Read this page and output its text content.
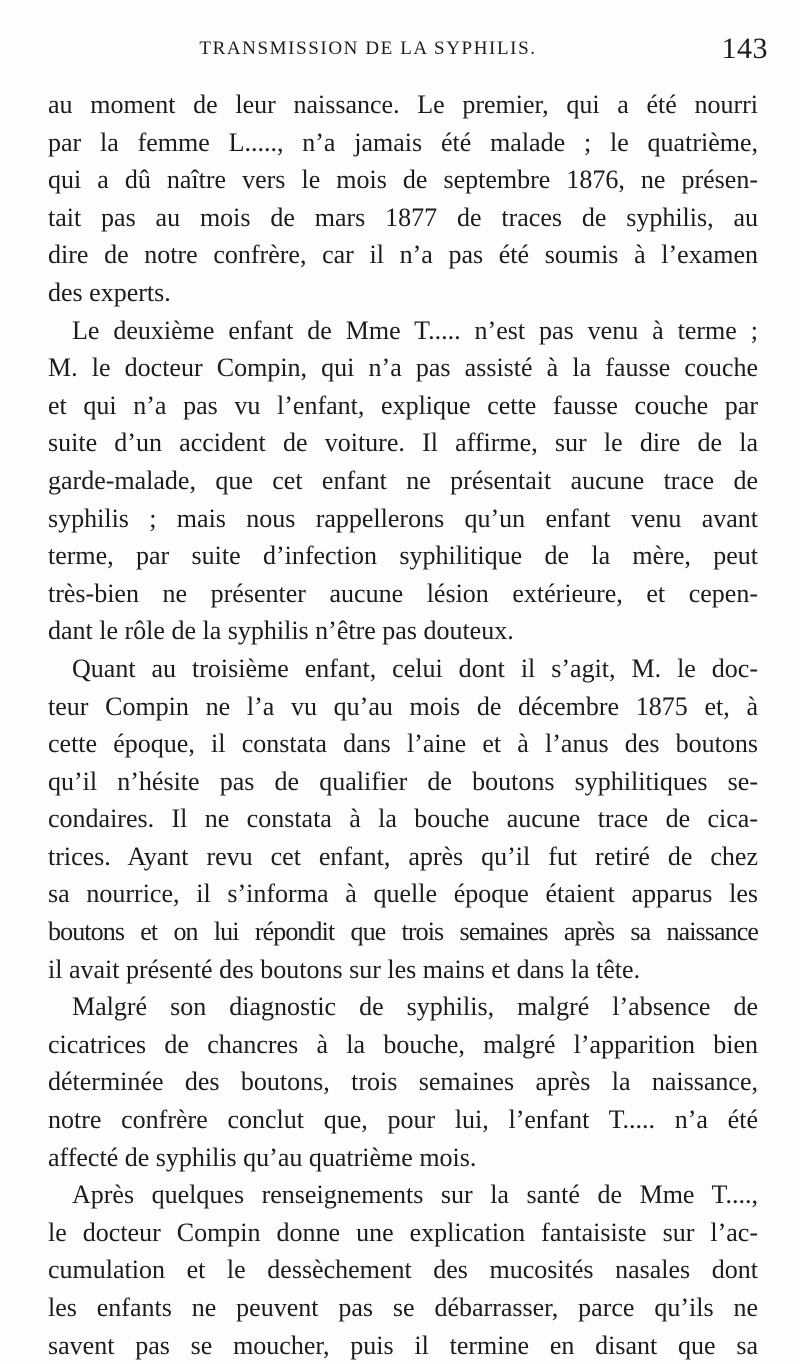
TRANSMISSION DE LA SYPHILIS.	143
au moment de leur naissance. Le premier, qui a été nourri
par la femme L....., n’a jamais été malade ; le quatrième,
qui a dû naître vers le mois de septembre 1876, ne présen-
tait pas au mois de mars 1877 de traces de syphilis, au
dire de notre confrère, car il n’a pas été soumis à l’examen
des experts.
Le deuxième enfant de Mme T..... n’est pas venu à terme ;
M. le docteur Compin, qui n’a pas assisté à la fausse couche
et qui n’a pas vu l’enfant, explique cette fausse couche par
suite d’un accident de voiture. Il affirme, sur le dire de la
garde-malade, que cet enfant ne présentait aucune trace de
syphilis ; mais nous rappellerons qu’un enfant venu avant
terme, par suite d’infection syphilitique de la mère, peut
très-bien ne présenter aucune lésion extérieure, et cepen-
dant le rôle de la syphilis n’être pas douteux.
Quant au troisième enfant, celui dont il s’agit, M. le doc-
teur Compin ne l’a vu qu’au mois de décembre 1875 et, à
cette époque, il constata dans l’aine et à l’anus des boutons
qu’il n’hésite pas de qualifier de boutons syphilitiques se-
condaires. Il ne constata à la bouche aucune trace de cica-
trices. Ayant revu cet enfant, après qu’il fut retiré de chez
sa nourrice, il s’informa à quelle époque étaient apparus les
boutons et on lui répondit que trois semaines après sa naissance
il avait présenté des boutons sur les mains et dans la tête.
Malgré son diagnostic de syphilis, malgré l’absence de
cicatrices de chancres à la bouche, malgré l’apparition bien
déterminée des boutons, trois semaines après la naissance,
notre confrère conclut que, pour lui, l’enfant T..... n’a été
affecté de syphilis qu’au quatrième mois.
Après quelques renseignements sur la santé de Mme T....,
le docteur Compin donne une explication fantaisiste sur l’ac-
cumulation et le dessèchement des mucosités nasales dont
les enfants ne peuvent pas se débarrasser, parce qu’ils ne
savent pas se moucher, puis il termine en disant que sa
